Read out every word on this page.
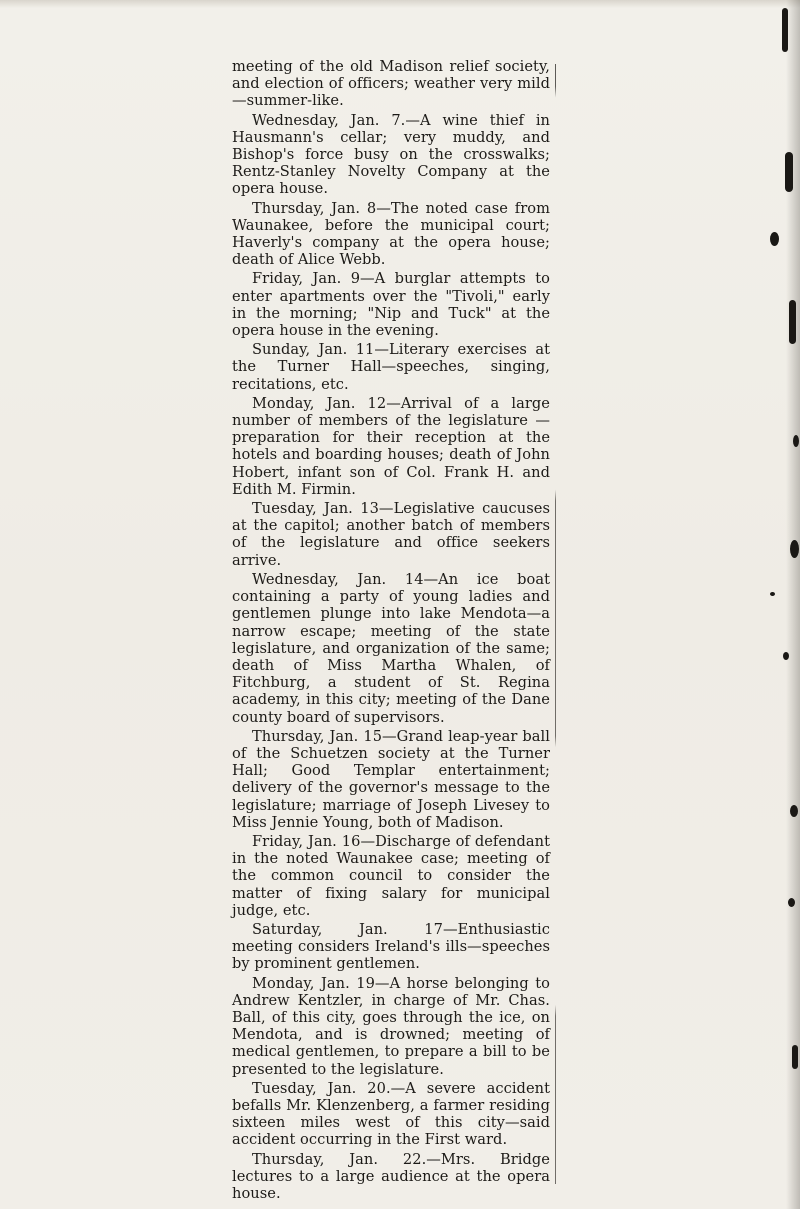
meeting of the old Madison relief society, and election of officers; weather very mild—summer-like.

Wednesday, Jan. 7.—A wine thief in Hausmann's cellar; very muddy, and Bishop's force busy on the crosswalks; Rentz-Stanley Novelty Company at the opera house.

Thursday, Jan. 8—The noted case from Waunakee, before the municipal court; Haverly's company at the opera house; death of Alice Webb.

Friday, Jan. 9—A burglar attempts to enter apartments over the "Tivoli," early in the morning; "Nip and Tuck" at the opera house in the evening.

Sunday, Jan. 11—Literary exercises at the Turner Hall—speeches, singing, recitations, etc.

Monday, Jan. 12—Arrival of a large number of members of the legislature —preparation for their reception at the hotels and boarding houses; death of John Hobert, infant son of Col. Frank H. and Edith M. Firmin.

Tuesday, Jan. 13—Legislative caucuses at the capitol; another batch of members of the legislature and office seekers arrive.

Wednesday, Jan. 14—An ice boat containing a party of young ladies and gentlemen plunge into lake Mendota—a narrow escape; meeting of the state legislature, and organization of the same; death of Miss Martha Whalen, of Fitchburg, a student of St. Regina academy, in this city; meeting of the Dane county board of supervisors.

Thursday, Jan. 15—Grand leap-year ball of the Schuetzen society at the Turner Hall; Good Templar entertainment; delivery of the governor's message to the legislature; marriage of Joseph Livesey to Miss Jennie Young, both of Madison.

Friday, Jan. 16—Discharge of defendant in the noted Waunakee case; meeting of the common council to consider the matter of fixing salary for municipal judge, etc.

Saturday, Jan. 17—Enthusiastic meeting considers Ireland's ills—speeches by prominent gentlemen.

Monday, Jan. 19—A horse belonging to Andrew Kentzler, in charge of Mr. Chas. Ball, of this city, goes through the ice, on Mendota, and is drowned; meeting of medical gentlemen, to prepare a bill to be presented to the legislature.

Tuesday, Jan. 20.—A severe accident befalls Mr. Klenzenberg, a farmer residing sixteen miles west of this city—said accident occurring in the First ward.

Thursday, Jan. 22.—Mrs. Bridge lectures to a large audience at the opera house.
